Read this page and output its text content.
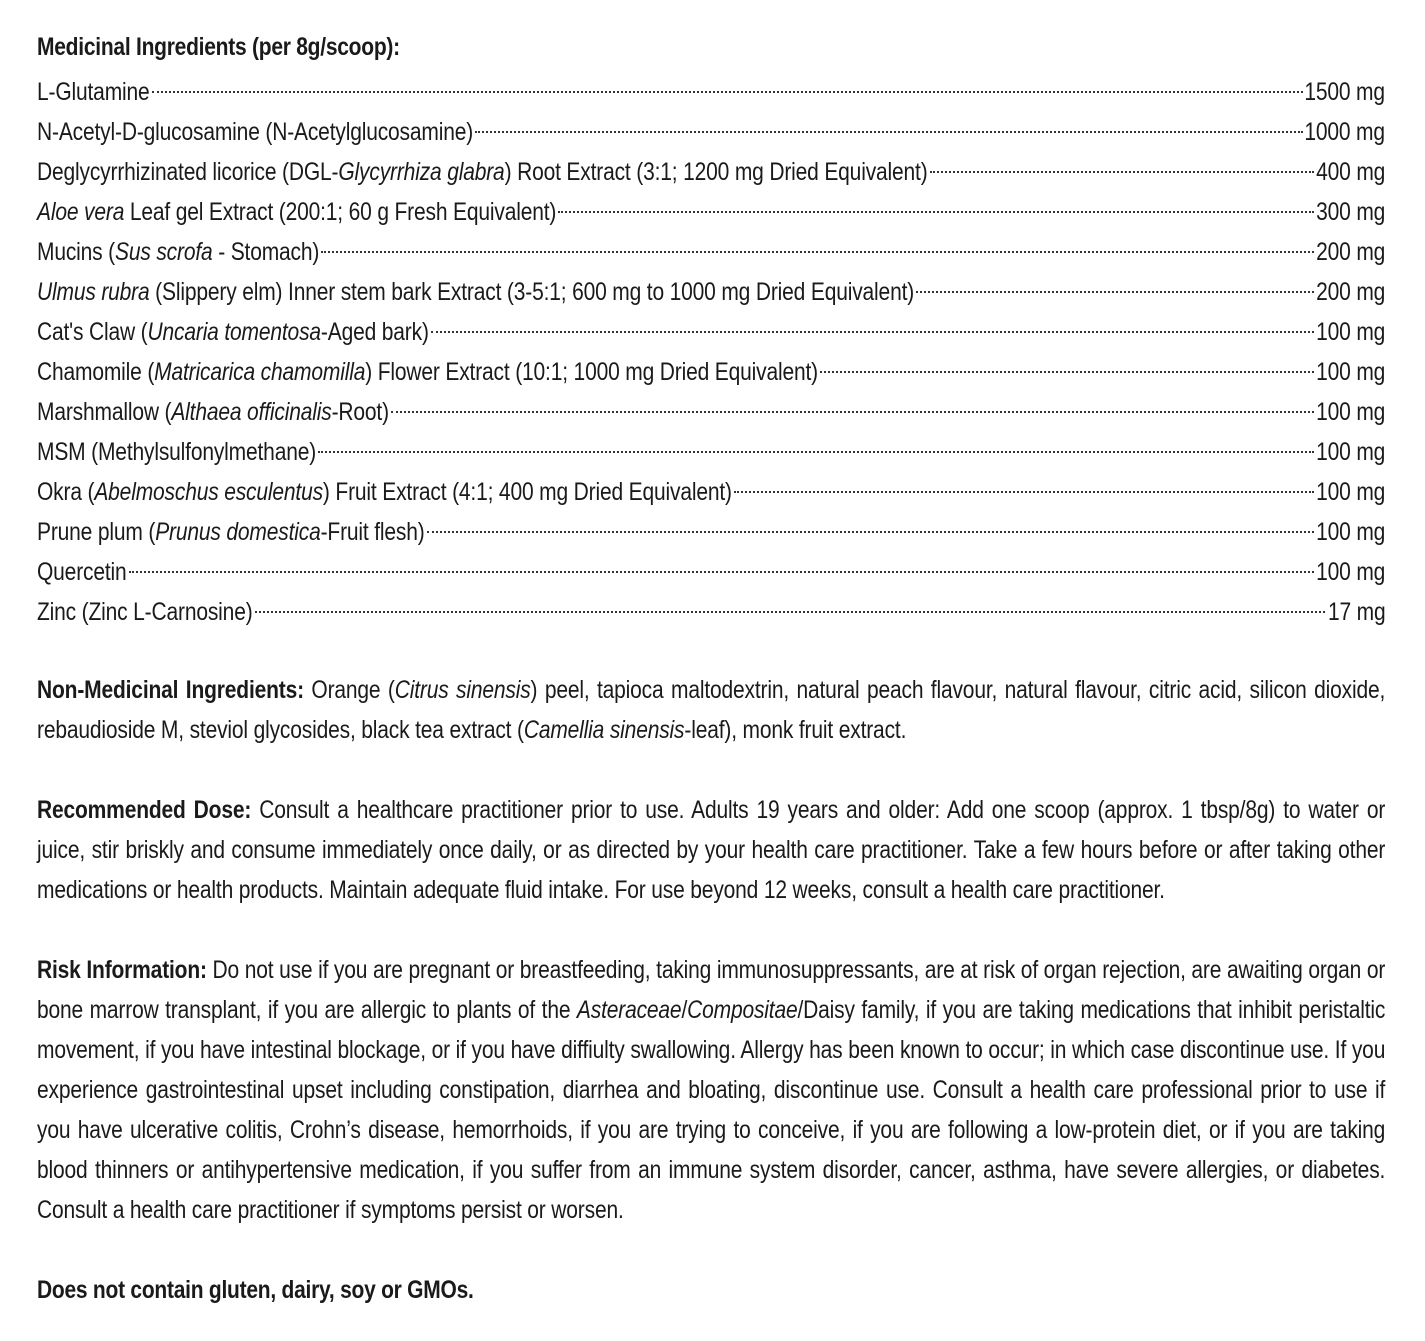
Medicinal Ingredients (per 8g/scoop):
L-Glutamine	1500 mg
N-Acetyl-D-glucosamine (N-Acetylglucosamine)	1000 mg
Deglycyrrhizinated licorice (DGL-Glycyrrhiza glabra) Root Extract (3:1; 1200 mg Dried Equivalent)	400 mg
Aloe vera Leaf gel Extract (200:1; 60 g Fresh Equivalent)	300 mg
Mucins (Sus scrofa - Stomach)	200 mg
Ulmus rubra (Slippery elm) Inner stem bark Extract (3-5:1; 600 mg to 1000 mg Dried Equivalent)	200 mg
Cat's Claw (Uncaria tomentosa-Aged bark)	100 mg
Chamomile (Matricarica chamomilla) Flower Extract (10:1; 1000 mg Dried Equivalent)	100 mg
Marshmallow (Althaea officinalis-Root)	100 mg
MSM (Methylsulfonylmethane)	100 mg
Okra (Abelmoschus esculentus) Fruit Extract (4:1; 400 mg Dried Equivalent)	100 mg
Prune plum (Prunus domestica-Fruit flesh)	100 mg
Quercetin	100 mg
Zinc (Zinc L-Carnosine)	17 mg
Non-Medicinal Ingredients: Orange (Citrus sinensis) peel, tapioca maltodextrin, natural peach flavour, natural flavour, citric acid, silicon dioxide, rebaudioside M, steviol glycosides, black tea extract (Camellia sinensis-leaf), monk fruit extract.
Recommended Dose: Consult a healthcare practitioner prior to use. Adults 19 years and older: Add one scoop (approx. 1 tbsp/8g) to water or juice, stir briskly and consume immediately once daily, or as directed by your health care practitioner. Take a few hours before or after taking other medications or health products. Maintain adequate fluid intake. For use beyond 12 weeks, consult a health care practitioner.
Risk Information: Do not use if you are pregnant or breastfeeding, taking immunosuppressants, are at risk of organ rejection, are awaiting organ or bone marrow transplant, if you are allergic to plants of the Asteraceae/Compositae/Daisy family, if you are taking medications that inhibit peristaltic movement, if you have intestinal blockage, or if you have diffiulty swallowing. Allergy has been known to occur; in which case discontinue use. If you experience gastrointestinal upset including constipation, diarrhea and bloating, discontinue use. Consult a health care professional prior to use if you have ulcerative colitis, Crohn’s disease, hemorrhoids, if you are trying to conceive, if you are following a low-protein diet, or if you are taking blood thinners or antihypertensive medication, if you suffer from an immune system disorder, cancer, asthma, have severe allergies, or diabetes. Consult a health care practitioner if symptoms persist or worsen.
Does not contain gluten, dairy, soy or GMOs.
